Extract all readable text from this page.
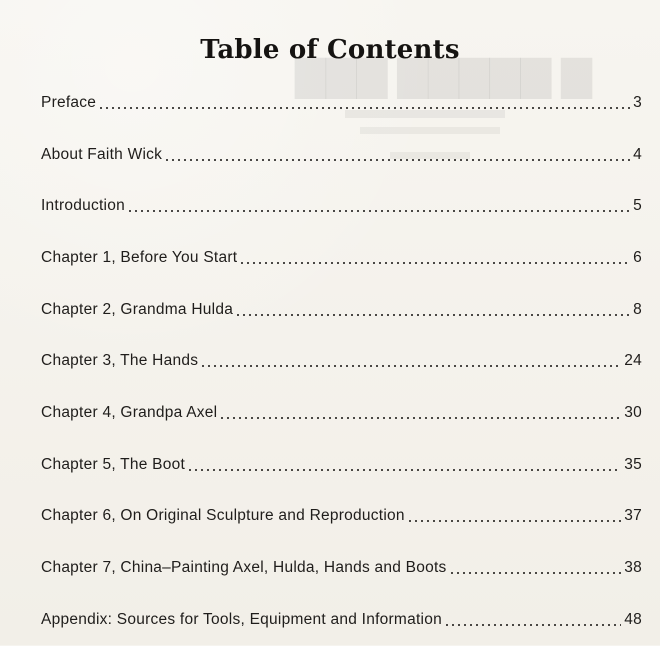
▇ ▇▇▇▇▇ ▇▇▇
Table of Contents
Preface	3
About Faith Wick	4
Introduction	5
Chapter 1, Before You Start	6
Chapter 2, Grandma Hulda	8
Chapter 3, The Hands	24
Chapter 4, Grandpa Axel	30
Chapter 5, The Boot	35
Chapter 6, On Original Sculpture and Reproduction	37
Chapter 7, China–Painting Axel, Hulda, Hands and Boots	38
Appendix: Sources for Tools, Equipment and Information	48
